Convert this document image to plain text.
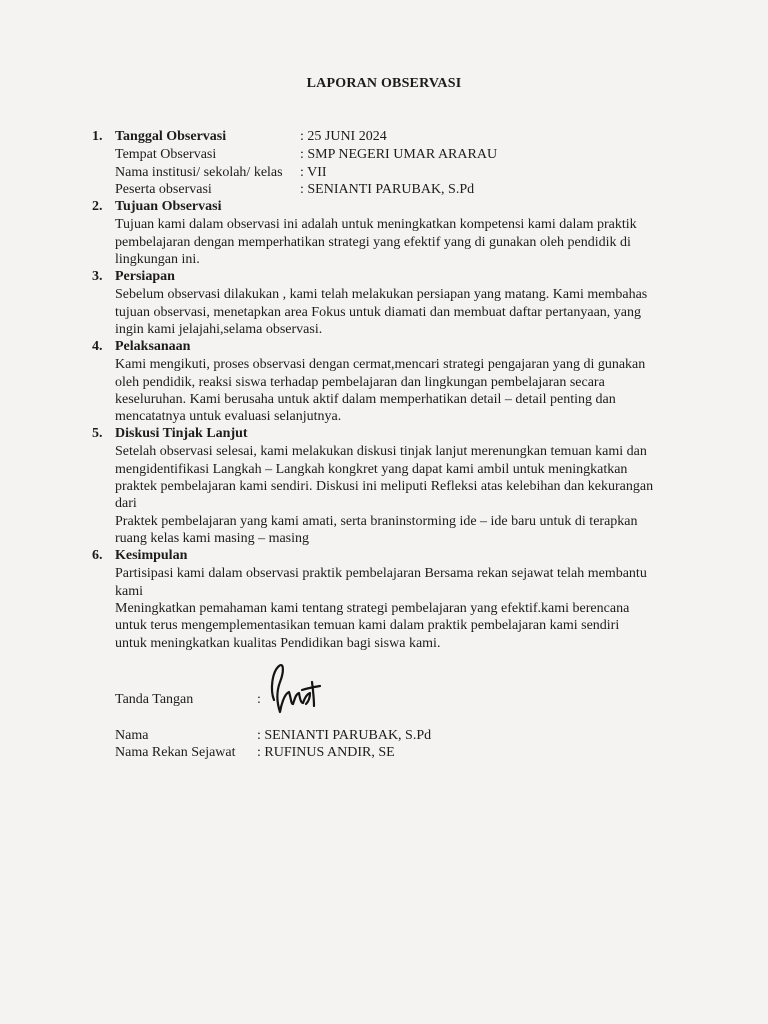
LAPORAN OBSERVASI
1. Tanggal Observasi	: 25 JUNI 2024
Tempat Observasi	: SMP NEGERI UMAR ARARAU
Nama institusi/ sekolah/ kelas : VII
Peserta observasi	: SENIANTI PARUBAK, S.Pd
2. Tujuan Observasi
Tujuan kami dalam observasi ini adalah untuk meningkatkan kompetensi kami dalam praktik
pembelajaran dengan memperhatikan strategi yang efektif yang di gunakan oleh pendidik di
lingkungan ini.
3. Persiapan
Sebelum observasi dilakukan , kami telah melakukan persiapan yang matang. Kami membahas
tujuan observasi, menetapkan area Fokus untuk diamati dan membuat daftar pertanyaan, yang
ingin kami jelajahi,selama observasi.
4. Pelaksanaan
Kami mengikuti, proses observasi dengan cermat,mencari strategi pengajaran yang di gunakan
oleh pendidik, reaksi siswa terhadap pembelajaran dan lingkungan pembelajaran secara
keseluruhan. Kami berusaha untuk aktif dalam memperhatikan detail – detail penting dan
mencatatnya untuk evaluasi selanjutnya.
5. Diskusi Tinjak Lanjut
Setelah observasi selesai, kami melakukan diskusi tinjak lanjut merenungkan temuan kami dan
mengidentifikasi Langkah – Langkah kongkret yang dapat kami ambil untuk meningkatkan
praktek pembelajaran kami sendiri. Diskusi ini meliputi Refleksi atas kelebihan dan kekurangan
dari
Praktek pembelajaran yang kami amati, serta braninstorming ide – ide baru untuk di terapkan
ruang kelas kami masing – masing
6. Kesimpulan
Partisipasi kami dalam observasi praktik pembelajaran Bersama rekan sejawat telah membantu
kami
Meningkatkan pemahaman kami tentang strategi pembelajaran yang efektif.kami berencana
untuk terus mengemplementasikan temuan kami dalam praktik pembelajaran kami sendiri
untuk meningkatkan kualitas Pendidikan bagi siswa kami.
Tanda Tangan	:
Nama	: SENIANTI PARUBAK, S.Pd
Nama Rekan Sejawat : RUFINUS ANDIR, SE
